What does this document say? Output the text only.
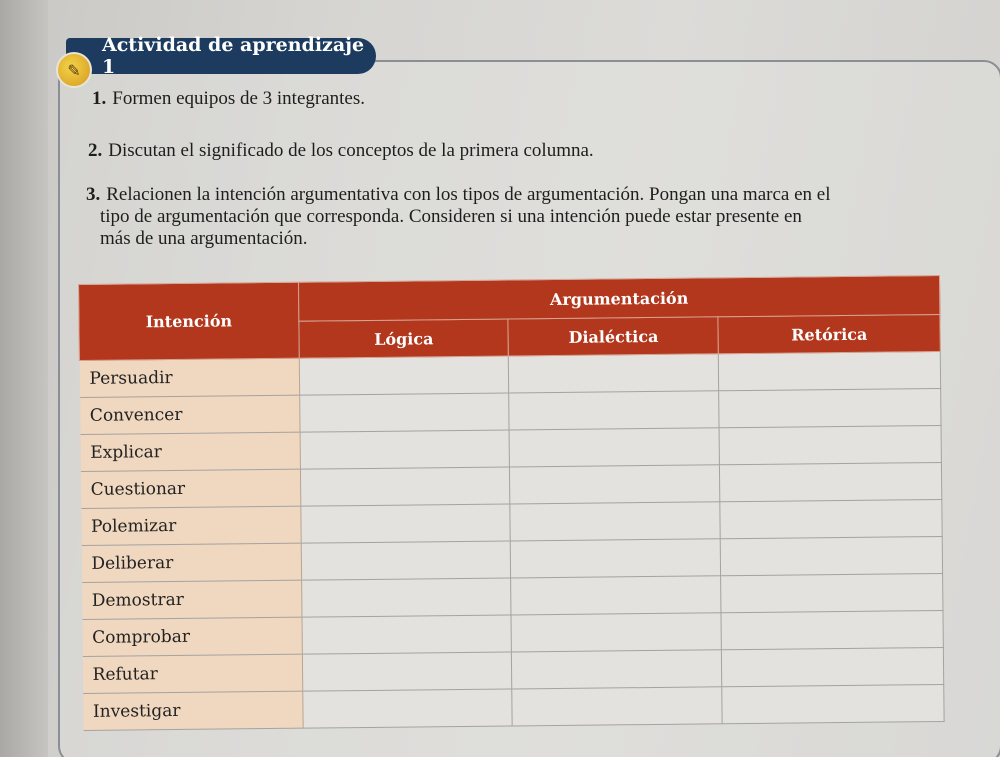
Actividad de aprendizaje 1
✎
1. Formen equipos de 3 integrantes.
2. Discutan el significado de los conceptos de la primera columna.
3. Relacionen la intención argumentativa con los tipos de argumentación. Pongan una marca en el
tipo de argumentación que corresponda. Consideren si una intención puede estar presente en
más de una argumentación.
Intención	Argumentación		
	Lógica	Dialéctica	Retórica
Persuadir			
Convencer			
Explicar			
Cuestionar			
Polemizar			
Deliberar			
Demostrar			
Comprobar			
Refutar			
Investigar			
